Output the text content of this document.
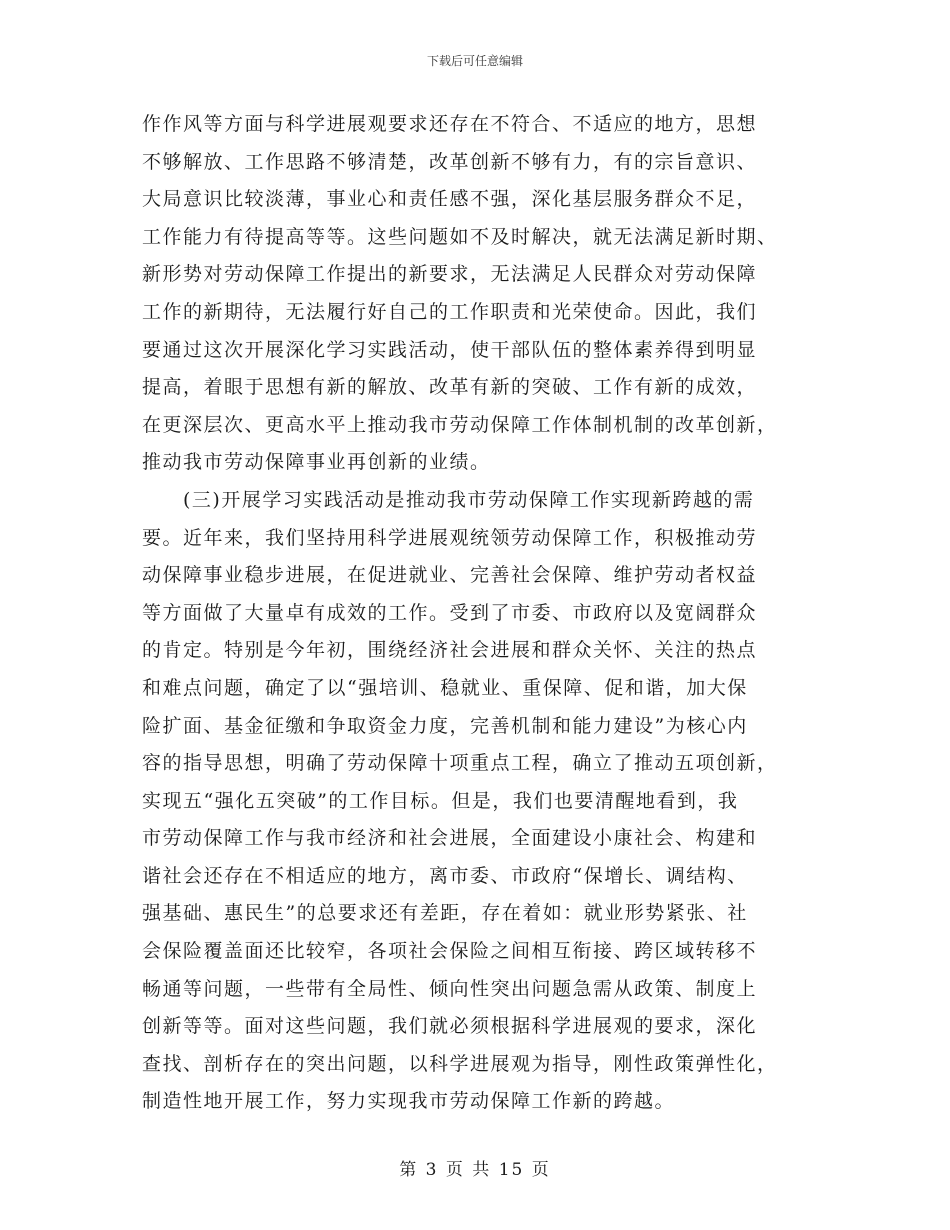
下载后可任意编辑
作作风等方面与科学进展观要求还存在不符合、不适应的地方，思想
不够解放、工作思路不够清楚，改革创新不够有力，有的宗旨意识、
大局意识比较淡薄，事业心和责任感不强，深化基层服务群众不足，
工作能力有待提高等等。这些问题如不及时解决，就无法满足新时期、
新形势对劳动保障工作提出的新要求，无法满足人民群众对劳动保障
工作的新期待，无法履行好自己的工作职责和光荣使命。因此，我们
要通过这次开展深化学习实践活动，使干部队伍的整体素养得到明显
提高，着眼于思想有新的解放、改革有新的突破、工作有新的成效，
在更深层次、更高水平上推动我市劳动保障工作体制机制的改革创新，
推动我市劳动保障事业再创新的业绩。
　　(三)开展学习实践活动是推动我市劳动保障工作实现新跨越的需
要。近年来，我们坚持用科学进展观统领劳动保障工作，积极推动劳
动保障事业稳步进展，在促进就业、完善社会保障、维护劳动者权益
等方面做了大量卓有成效的工作。受到了市委、市政府以及宽阔群众
的肯定。特别是今年初，围绕经济社会进展和群众关怀、关注的热点
和难点问题，确定了以“强培训、稳就业、重保障、促和谐，加大保
险扩面、基金征缴和争取资金力度，完善机制和能力建设”为核心内
容的指导思想，明确了劳动保障十项重点工程，确立了推动五项创新，
实现五“强化五突破”的工作目标。但是，我们也要清醒地看到，我
市劳动保障工作与我市经济和社会进展，全面建设小康社会、构建和
谐社会还存在不相适应的地方，离市委、市政府“保增长、调结构、
强基础、惠民生”的总要求还有差距，存在着如：就业形势紧张、社
会保险覆盖面还比较窄，各项社会保险之间相互衔接、跨区域转移不
畅通等问题，一些带有全局性、倾向性突出问题急需从政策、制度上
创新等等。面对这些问题，我们就必须根据科学进展观的要求，深化
查找、剖析存在的突出问题，以科学进展观为指导，刚性政策弹性化，
制造性地开展工作，努力实现我市劳动保障工作新的跨越。
第 3 页 共 15 页
